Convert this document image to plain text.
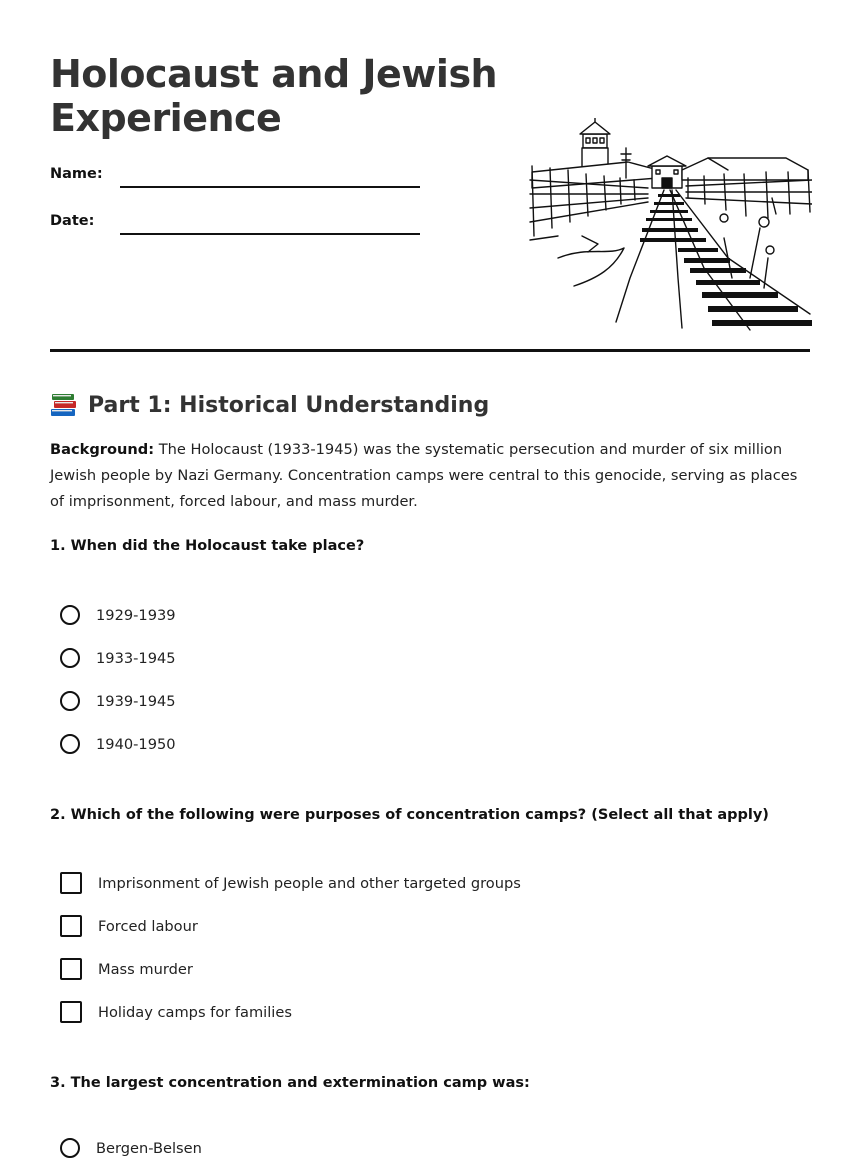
Holocaust and Jewish
Experience
Name:
Date:
Part 1: Historical Understanding

Background: The Holocaust (1933-1945) was the systematic persecution and murder of six million Jewish people by Nazi Germany. Concentration camps were central to this genocide, serving as places of imprisonment, forced labour, and mass murder.

1. When did the Holocaust take place?

1929-1939
1933-1945
1939-1945
1940-1950

2. Which of the following were purposes of concentration camps? (Select all that apply)

Imprisonment of Jewish people and other targeted groups
Forced labour
Mass murder
Holiday camps for families

3. The largest concentration and extermination camp was:

Bergen-Belsen
